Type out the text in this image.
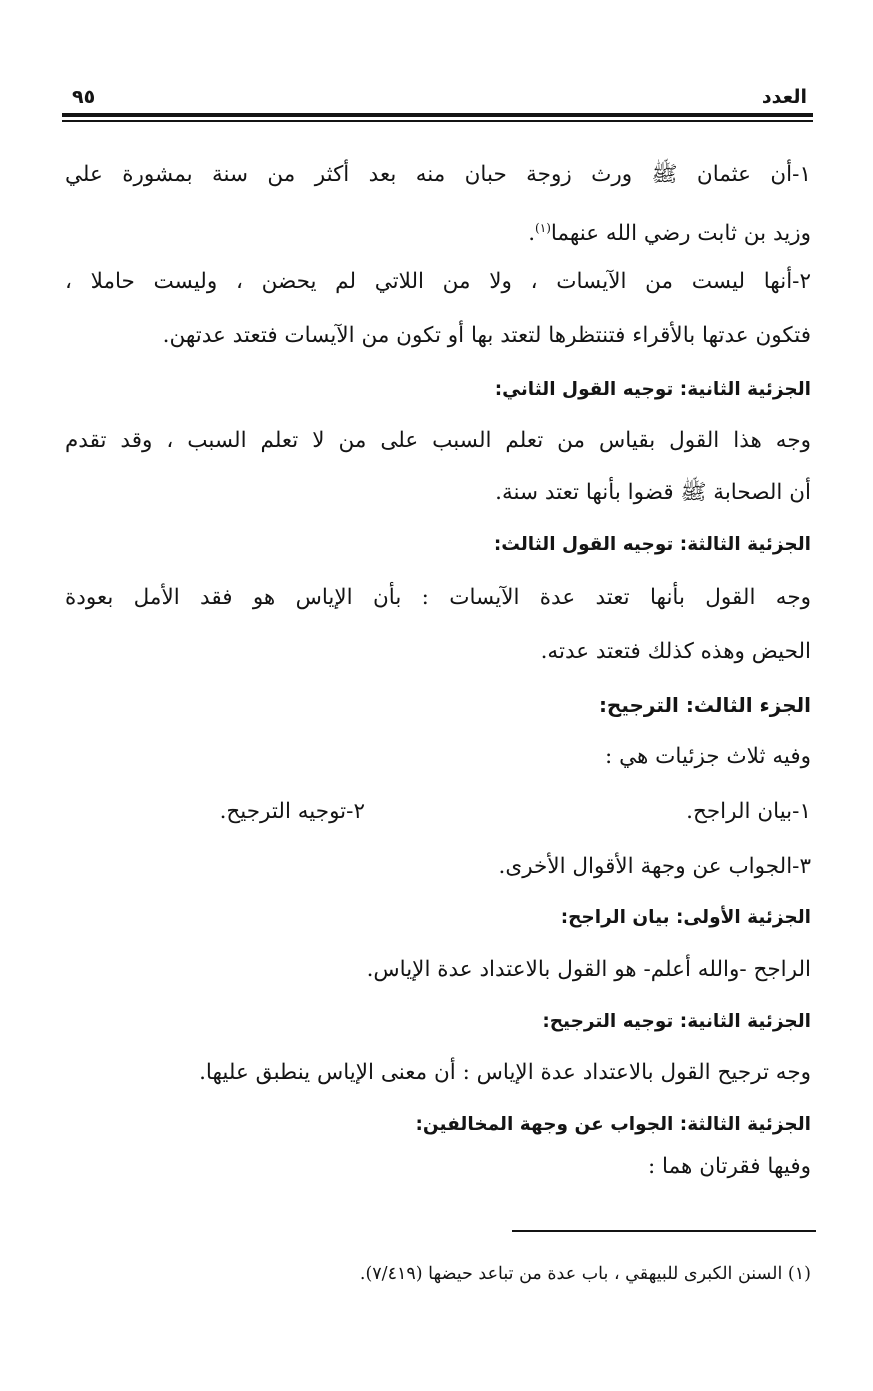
العدد
٩٥
١-أن عثمان ﷺ ورث زوجة حبان منه بعد أكثر من سنة بمشورة علي
وزيد بن ثابت رضي الله عنهما$^{(١)}$.
٢-أنها ليست من الآيسات ، ولا من اللاتي لم يحضن ، وليست حاملا ،
فتكون عدتها بالأقراء فتنتظرها لتعتد بها أو تكون من الآيسات فتعتد عدتهن.
الجزئية الثانية: توجيه القول الثاني:
وجه هذا القول بقياس من تعلم السبب على من لا تعلم السبب ، وقد تقدم
أن الصحابة ﷺ قضوا بأنها تعتد سنة.
الجزئية الثالثة: توجيه القول الثالث:
وجه القول بأنها تعتد عدة الآيسات : بأن الإياس هو فقد الأمل بعودة
الحيض وهذه كذلك فتعتد عدته.
الجزء الثالث: الترجيح:
وفيه ثلاث جزئيات هي :
١-بيان الراجح.
٢-توجيه الترجيح.
٣-الجواب عن وجهة الأقوال الأخرى.
الجزئية الأولى: بيان الراجح:
الراجح -والله أعلم- هو القول بالاعتداد عدة الإياس.
الجزئية الثانية: توجيه الترجيح:
وجه ترجيح القول بالاعتداد عدة الإياس : أن معنى الإياس ينطبق عليها.
الجزئية الثالثة: الجواب عن وجهة المخالفين:
وفيها فقرتان هما :
(١) السنن الكبرى للبيهقي ، باب عدة من تباعد حيضها (٧/٤١٩).
